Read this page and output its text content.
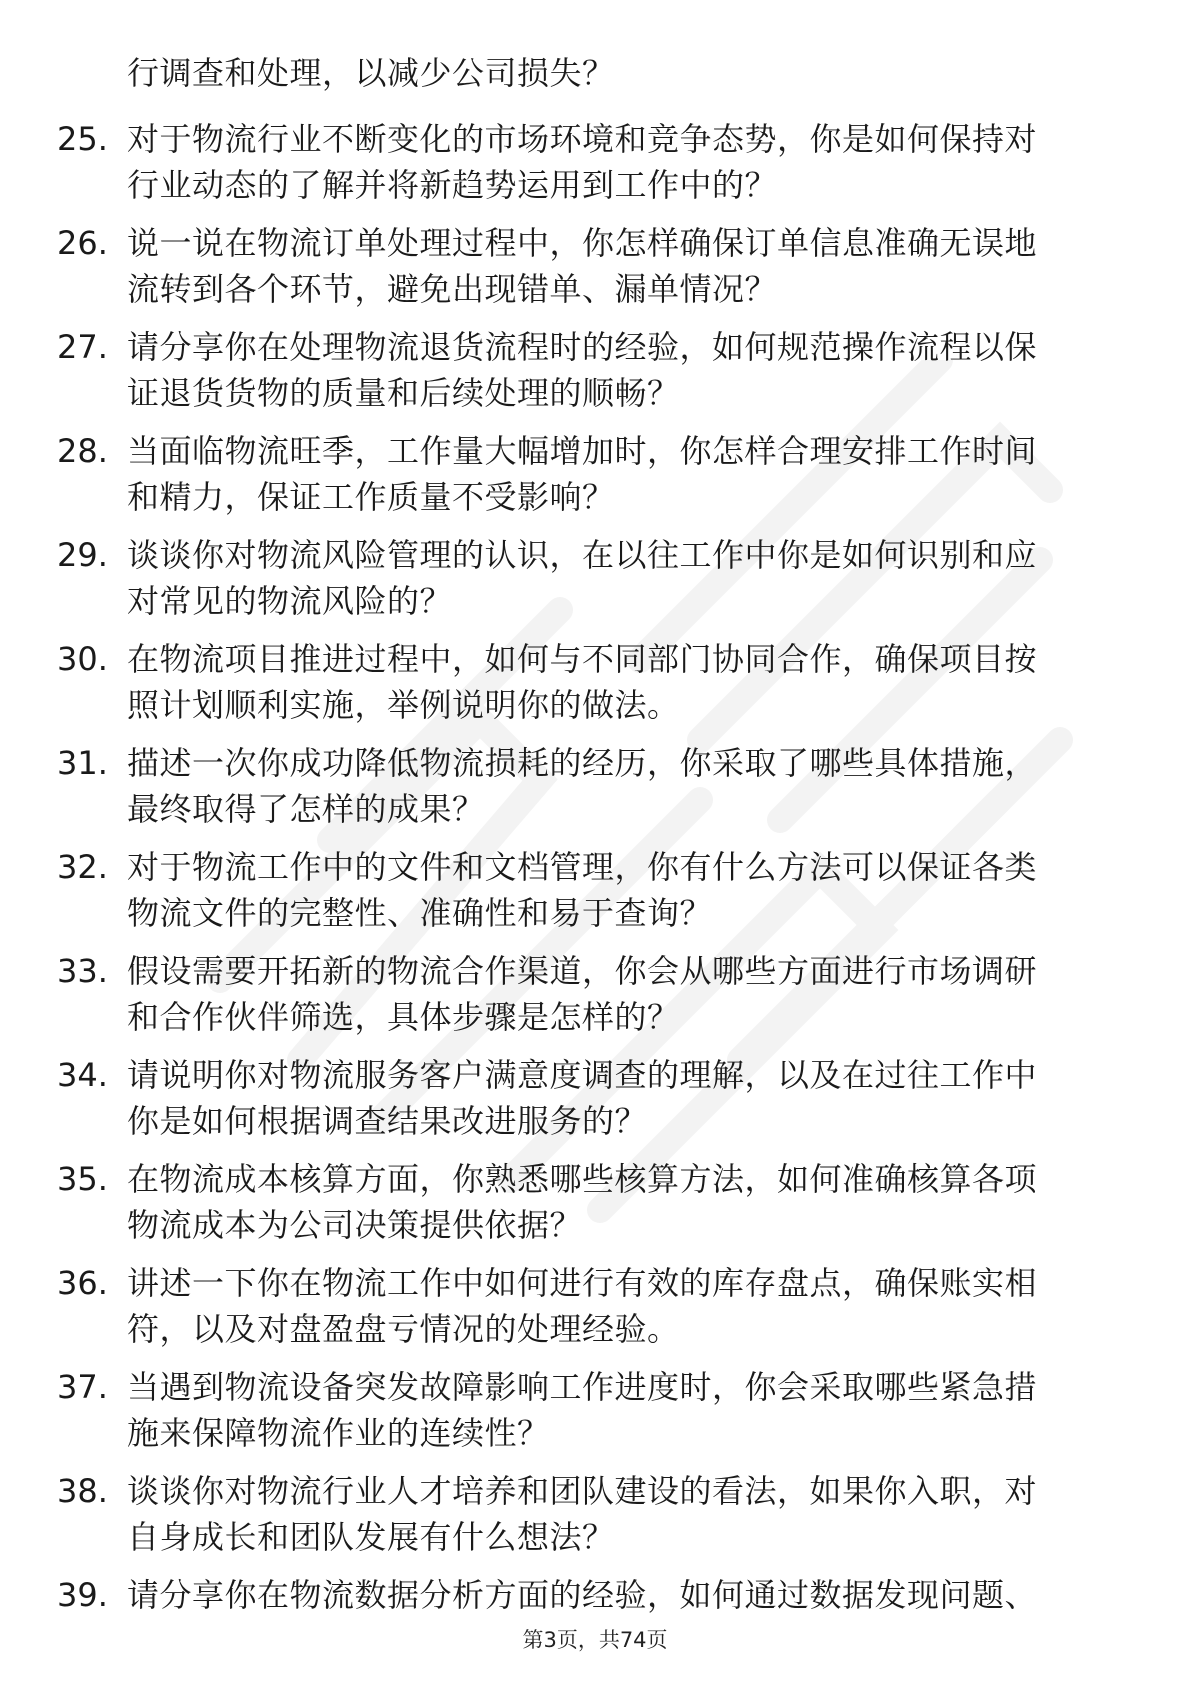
行调查和处理，以减少公司损失？
25. 对于物流行业不断变化的市场环境和竞争态势，你是如何保持对
行业动态的了解并将新趋势运用到工作中的？
26. 说一说在物流订单处理过程中，你怎样确保订单信息准确无误地
流转到各个环节，避免出现错单、漏单情况？
27. 请分享你在处理物流退货流程时的经验，如何规范操作流程以保
证退货货物的质量和后续处理的顺畅？
28. 当面临物流旺季，工作量大幅增加时，你怎样合理安排工作时间
和精力，保证工作质量不受影响？
29. 谈谈你对物流风险管理的认识，在以往工作中你是如何识别和应
对常见的物流风险的？
30. 在物流项目推进过程中，如何与不同部门协同合作，确保项目按
照计划顺利实施，举例说明你的做法。
31. 描述一次你成功降低物流损耗的经历，你采取了哪些具体措施，
最终取得了怎样的成果？
32. 对于物流工作中的文件和文档管理，你有什么方法可以保证各类
物流文件的完整性、准确性和易于查询？
33. 假设需要开拓新的物流合作渠道，你会从哪些方面进行市场调研
和合作伙伴筛选，具体步骤是怎样的？
34. 请说明你对物流服务客户满意度调查的理解，以及在过往工作中
你是如何根据调查结果改进服务的？
35. 在物流成本核算方面，你熟悉哪些核算方法，如何准确核算各项
物流成本为公司决策提供依据？
36. 讲述一下你在物流工作中如何进行有效的库存盘点，确保账实相
符，以及对盘盈盘亏情况的处理经验。
37. 当遇到物流设备突发故障影响工作进度时，你会采取哪些紧急措
施来保障物流作业的连续性？
38. 谈谈你对物流行业人才培养和团队建设的看法，如果你入职，对
自身成长和团队发展有什么想法？
39. 请分享你在物流数据分析方面的经验，如何通过数据发现问题、
第3页，共74页
